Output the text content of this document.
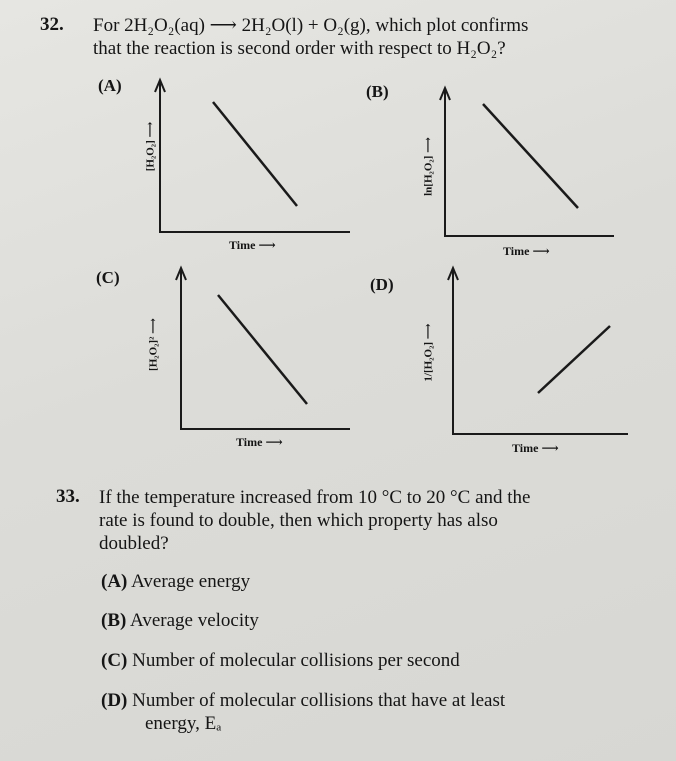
32. For 2H₂O₂(aq) ⟶ 2H₂O(l) + O₂(g), which plot confirms
that the reaction is second order with respect to H₂O₂?
(A)	(B)
(C)	(D)
[H₂O₂] ⟶	ln[H₂O₂] ⟶
[H₂O₂]² ⟶	1/[H₂O₂] ⟶
Time ⟶	Time ⟶
Time ⟶	Time ⟶
33. If the temperature increased from 10 °C to 20 °C and the
rate is found to double, then which property has also
doubled?
(A) Average energy
(B) Average velocity
(C) Number of molecular collisions per second
(D) Number of molecular collisions that have at least
energy, Eₐ
